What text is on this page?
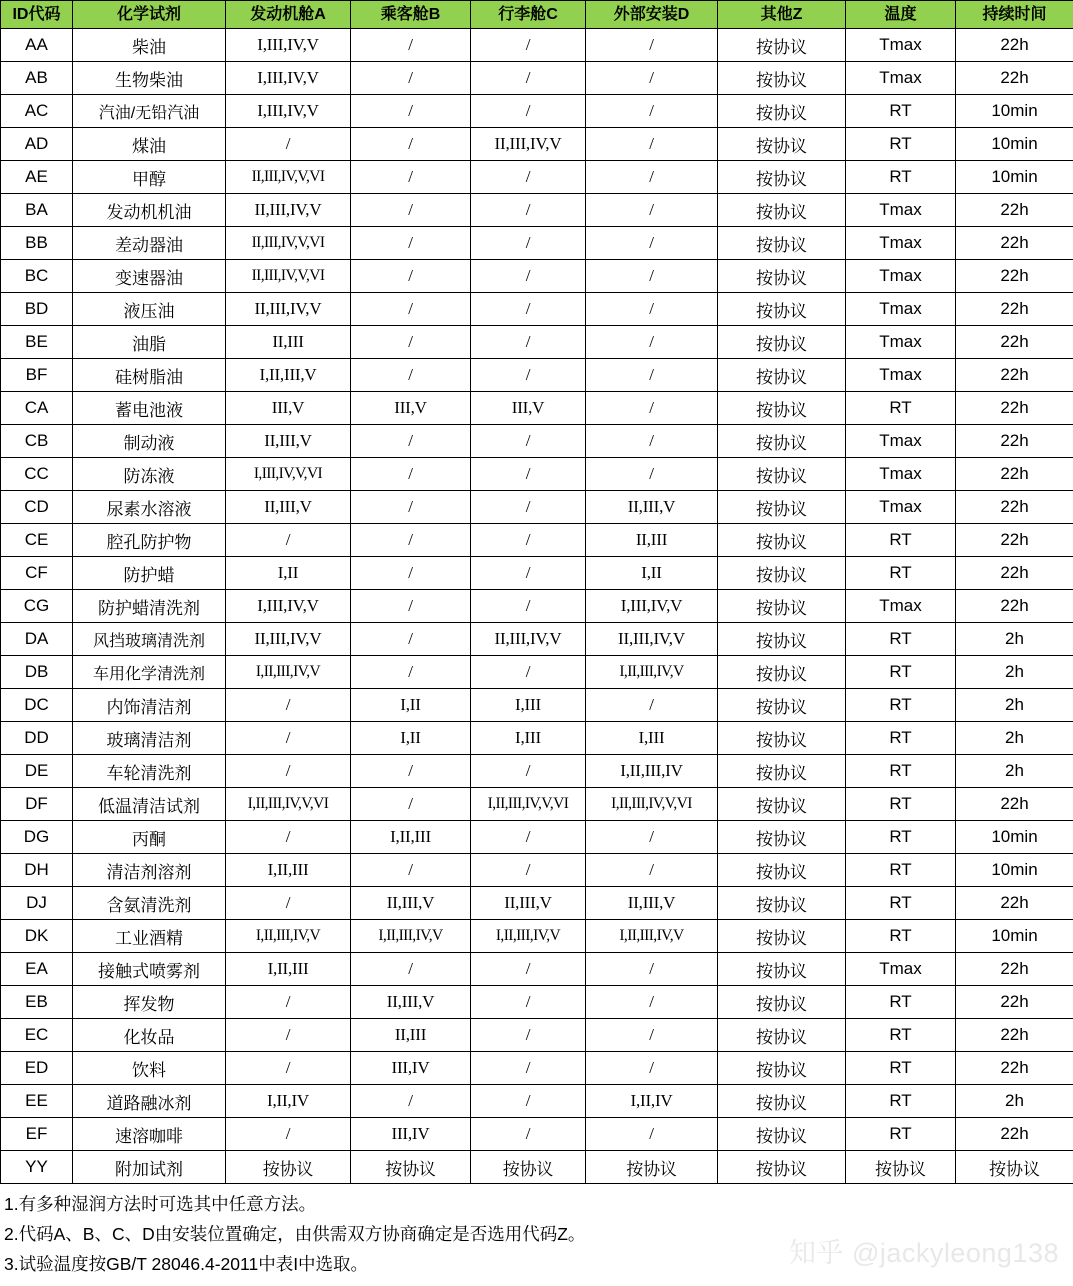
ID代码	化学试剂	发动机舱A	乘客舱B	行李舱C	外部安装D	其他Z	温度	持续时间
AA	柴油	I,III,IV,V	/	/	/	按协议	Tmax	22h
AB	生物柴油	I,III,IV,V	/	/	/	按协议	Tmax	22h
AC	汽油/无铅汽油	I,III,IV,V	/	/	/	按协议	RT	10min
AD	煤油	/	/	II,III,IV,V	/	按协议	RT	10min
AE	甲醇	II,III,IV,V,VI	/	/	/	按协议	RT	10min
BA	发动机机油	II,III,IV,V	/	/	/	按协议	Tmax	22h
BB	差动器油	II,III,IV,V,VI	/	/	/	按协议	Tmax	22h
BC	变速器油	II,III,IV,V,VI	/	/	/	按协议	Tmax	22h
BD	液压油	II,III,IV,V	/	/	/	按协议	Tmax	22h
BE	油脂	II,III	/	/	/	按协议	Tmax	22h
BF	硅树脂油	I,II,III,V	/	/	/	按协议	Tmax	22h
CA	蓄电池液	III,V	III,V	III,V	/	按协议	RT	22h
CB	制动液	II,III,V	/	/	/	按协议	Tmax	22h
CC	防冻液	I,III,IV,V,VI	/	/	/	按协议	Tmax	22h
CD	尿素水溶液	II,III,V	/	/	II,III,V	按协议	Tmax	22h
CE	腔孔防护物	/	/	/	II,III	按协议	RT	22h
CF	防护蜡	I,II	/	/	I,II	按协议	RT	22h
CG	防护蜡清洗剂	I,III,IV,V	/	/	I,III,IV,V	按协议	Tmax	22h
DA	风挡玻璃清洗剂	II,III,IV,V	/	II,III,IV,V	II,III,IV,V	按协议	RT	2h
DB	车用化学清洗剂	I,II,III,IV,V	/	/	I,II,III,IV,V	按协议	RT	2h
DC	内饰清洁剂	/	I,II	I,III	/	按协议	RT	2h
DD	玻璃清洁剂	/	I,II	I,III	I,III	按协议	RT	2h
DE	车轮清洗剂	/	/	/	I,II,III,IV	按协议	RT	2h
DF	低温清洁试剂	I,II,III,IV,V,VI	/	I,II,III,IV,V,VI	I,II,III,IV,V,VI	按协议	RT	22h
DG	丙酮	/	I,II,III	/	/	按协议	RT	10min
DH	清洁剂溶剂	I,II,III	/	/	/	按协议	RT	10min
DJ	含氨清洗剂	/	II,III,V	II,III,V	II,III,V	按协议	RT	22h
DK	工业酒精	I,II,III,IV,V	I,II,III,IV,V	I,II,III,IV,V	I,II,III,IV,V	按协议	RT	10min
EA	接触式喷雾剂	I,II,III	/	/	/	按协议	Tmax	22h
EB	挥发物	/	II,III,V	/	/	按协议	RT	22h
EC	化妆品	/	II,III	/	/	按协议	RT	22h
ED	饮料	/	III,IV	/	/	按协议	RT	22h
EE	道路融冰剂	I,II,IV	/	/	I,II,IV	按协议	RT	2h
EF	速溶咖啡	/	III,IV	/	/	按协议	RT	22h
YY	附加试剂	按协议	按协议	按协议	按协议	按协议	按协议	按协议
1.有多种湿润方法时可选其中任意方法。
2.代码A、B、C、D由安装位置确定，由供需双方协商确定是否选用代码Z。
3.试验温度按GB/T 28046.4-2011中表I中选取。	知乎 @jackyleong138
